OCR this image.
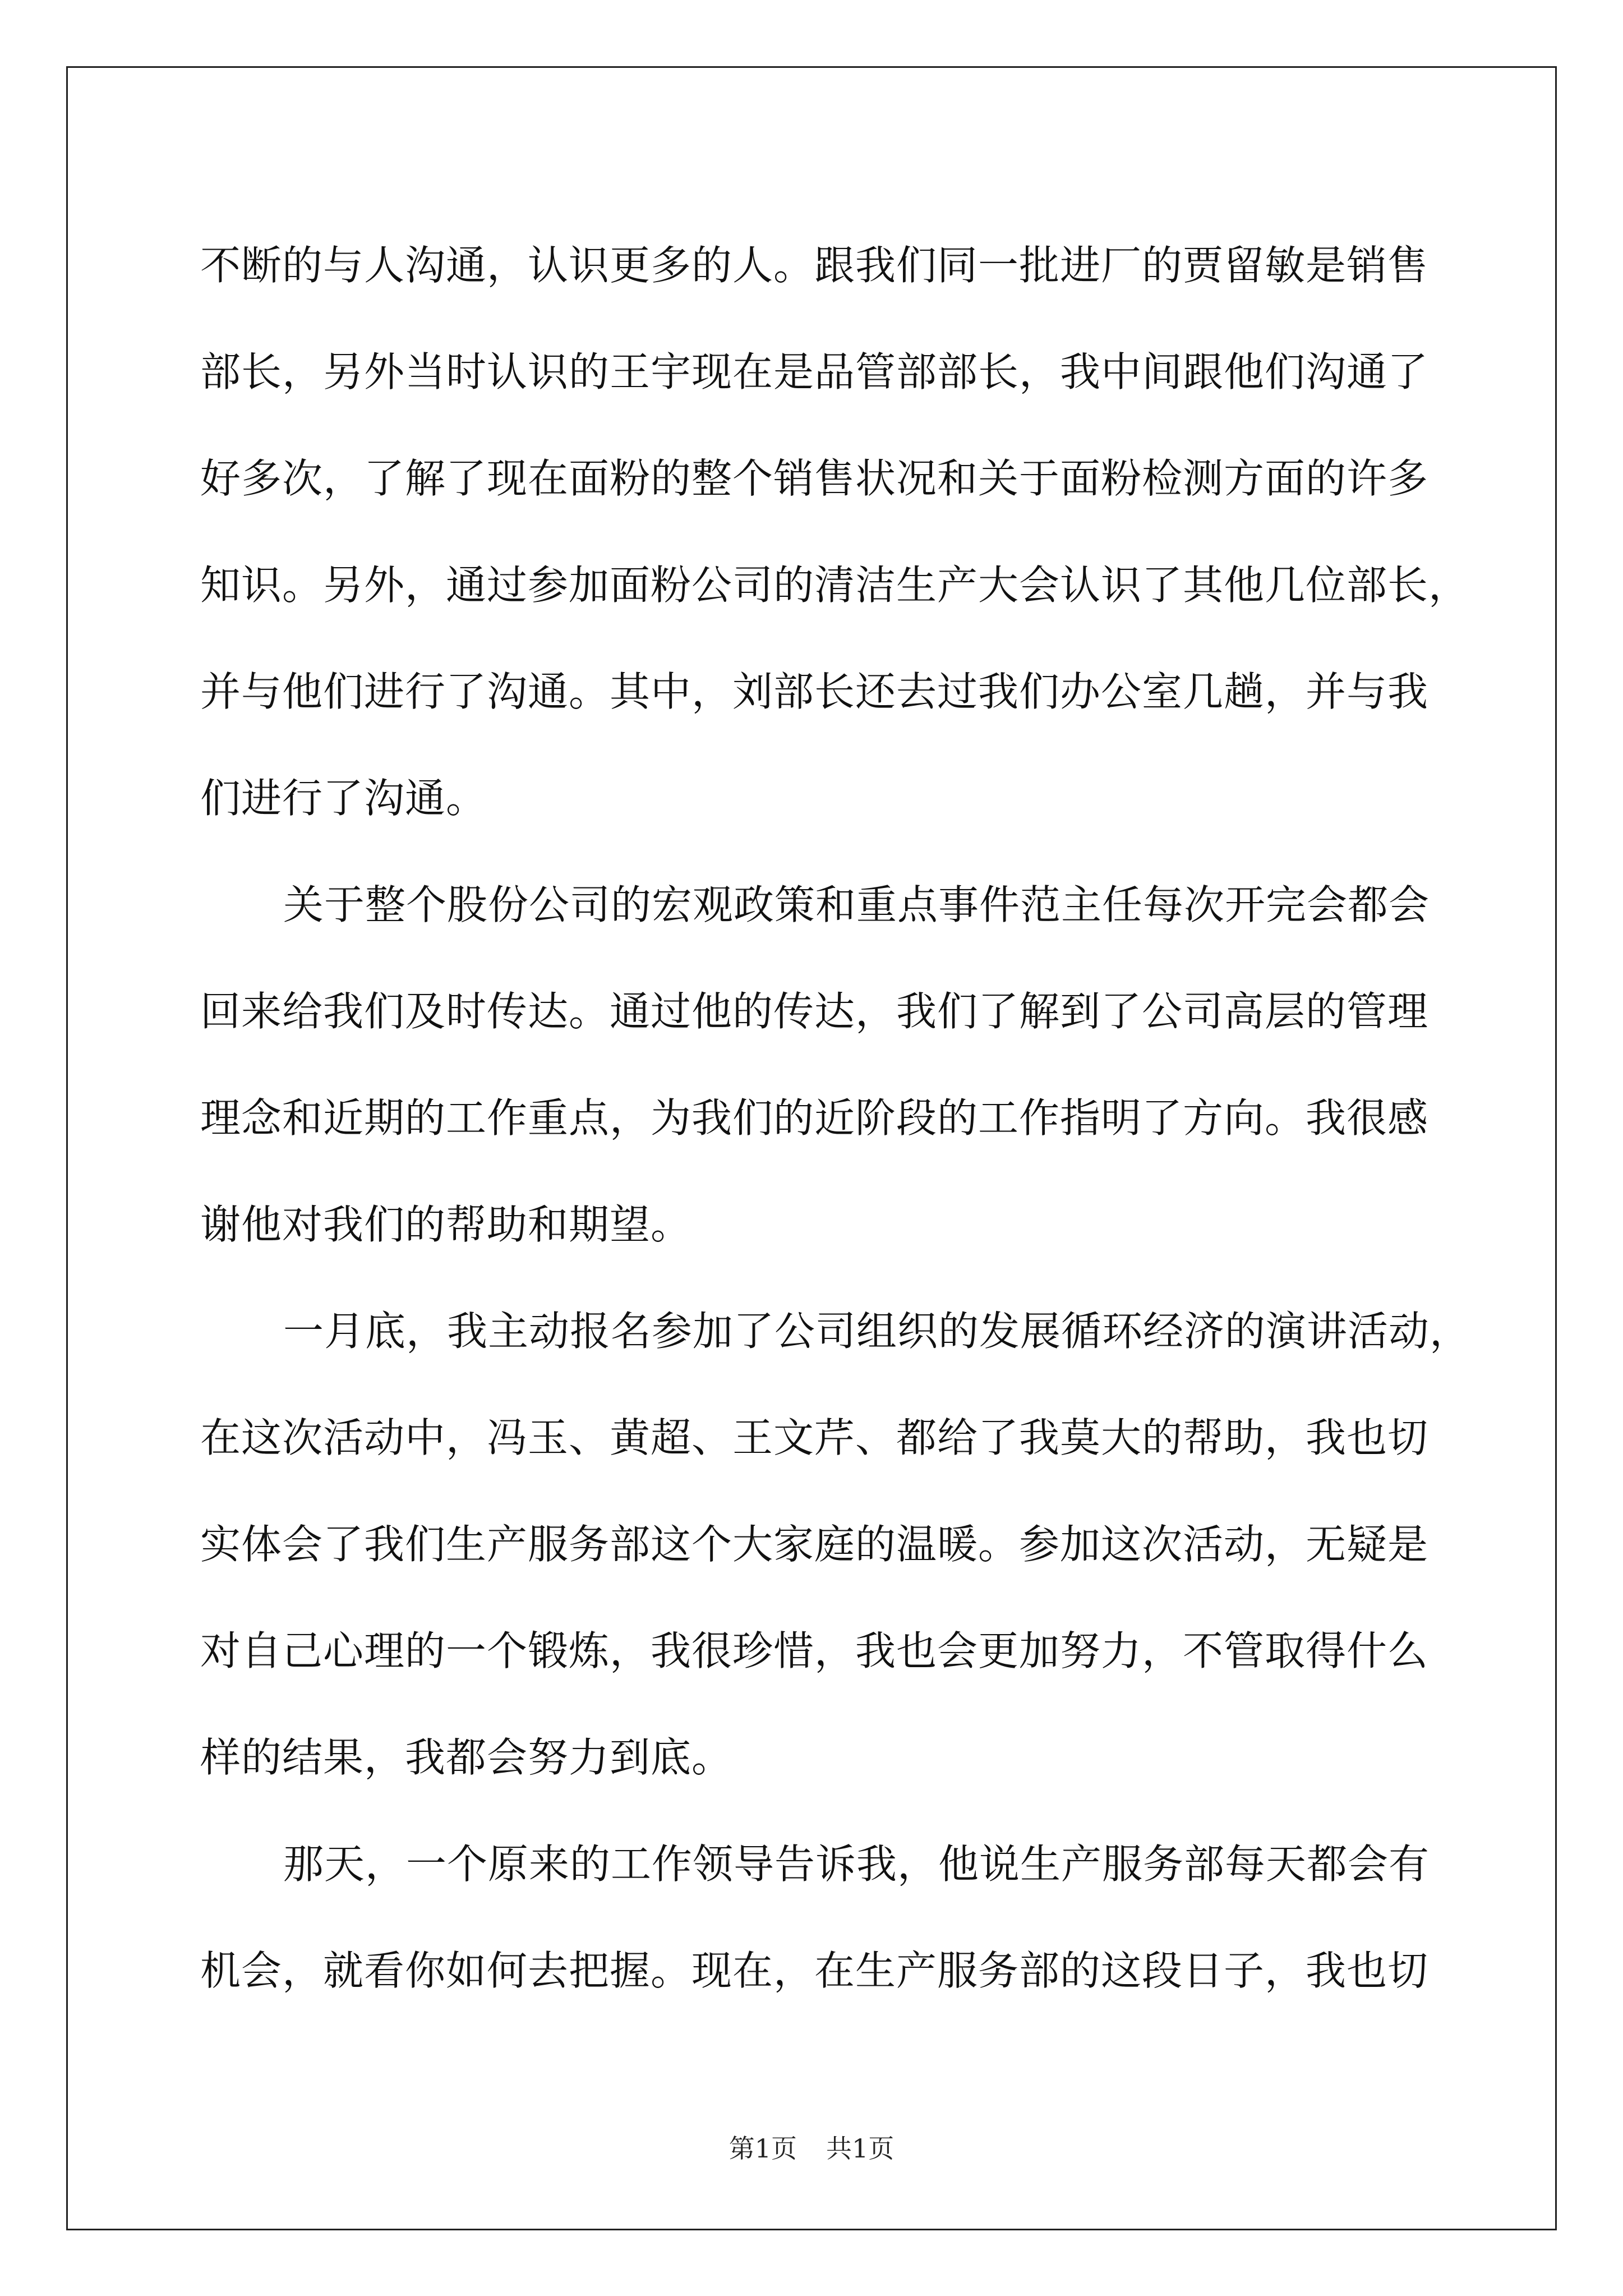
不断的与人沟通，认识更多的人。跟我们同一批进厂的贾留敏是销售
部长，另外当时认识的王宇现在是品管部部长，我中间跟他们沟通了
好多次，了解了现在面粉的整个销售状况和关于面粉检测方面的许多
知识。另外，通过参加面粉公司的清洁生产大会认识了其他几位部长，
并与他们进行了沟通。其中，刘部长还去过我们办公室几趟，并与我
们进行了沟通。
关于整个股份公司的宏观政策和重点事件范主任每次开完会都会
回来给我们及时传达。通过他的传达，我们了解到了公司高层的管理
理念和近期的工作重点，为我们的近阶段的工作指明了方向。我很感
谢他对我们的帮助和期望。
一月底，我主动报名参加了公司组织的发展循环经济的演讲活动，
在这次活动中，冯玉、黄超、王文芹、都给了我莫大的帮助，我也切
实体会了我们生产服务部这个大家庭的温暖。参加这次活动，无疑是
对自己心理的一个锻炼，我很珍惜，我也会更加努力，不管取得什么
样的结果，我都会努力到底。
那天，一个原来的工作领导告诉我，他说生产服务部每天都会有
机会，就看你如何去把握。现在，在生产服务部的这段日子，我也切
第1页 共1页
